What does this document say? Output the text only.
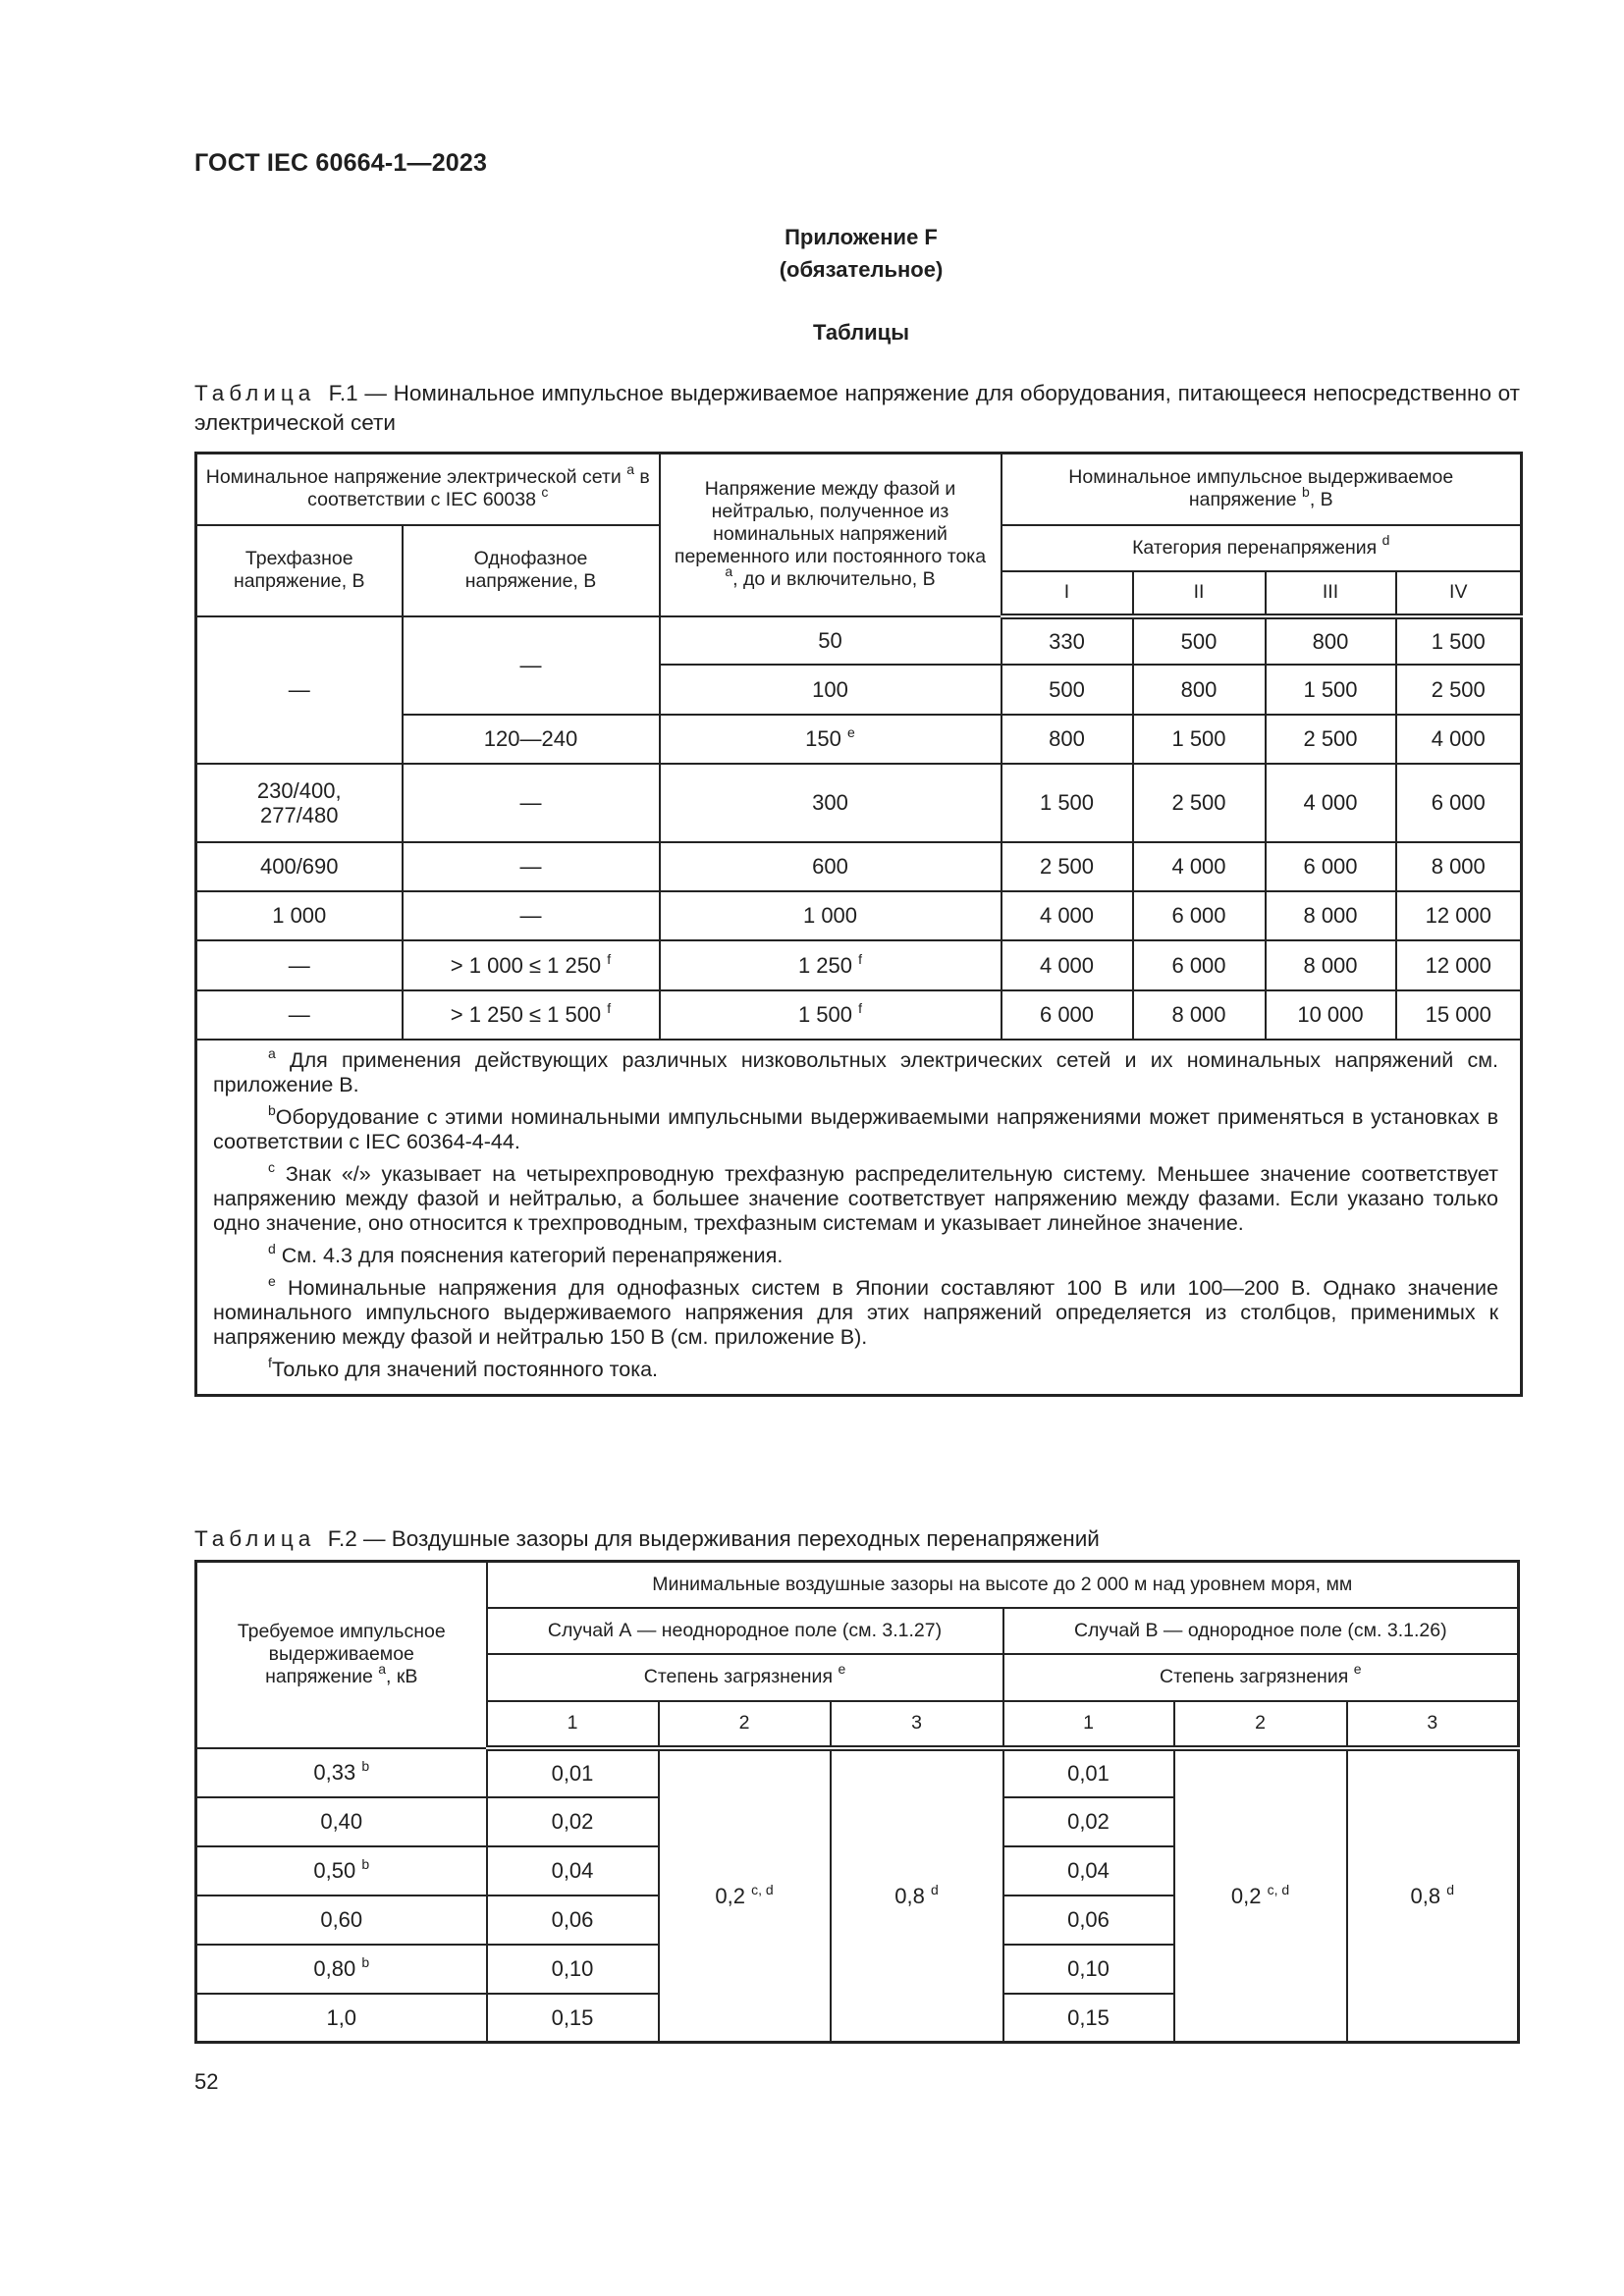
ГОСТ IEC 60664-1—2023
Приложение F
(обязательное)
Таблицы
Таблица F.1 — Номинальное импульсное выдерживаемое напряжение для оборудования, питающееся непосредственно от электрической сети
Номинальное напряжение электрической сети $^a$ в соответствии с IEC 60038 $^c$		Напряжение между фазой и нейтралью, полученное из номинальных напряжений переменного или постоянного тока $^a$, до и включительно, В	Номинальное импульсное выдерживаемое напряжение $^b$, В			
Трехфазное напряжение, В	Однофазное напряжение, В		Категория перенапряжения $^d$
			I	II	III	IV
—	—	50	330	500	800	1 500
		100	500	800	1 500	2 500
	120—240	150 $^e$	800	1 500	2 500	4 000
230/400, 277/480	—	300	1 500	2 500	4 000	6 000
400/690	—	600	2 500	4 000	6 000	8 000
1 000	—	1 000	4 000	6 000	8 000	12 000
—	> 1 000 ≤ 1 250 $^f$	1 250 $^f$	4 000	6 000	8 000	12 000
—	> 1 250 ≤ 1 500 $^f$	1 500 $^f$	6 000	8 000	10 000	15 000

$^a$ Для применения действующих различных низковольтных электрических сетей и их номинальных напряжений см. приложение B.

$^b$Оборудование с этими номинальными импульсными выдерживаемыми напряжениями может применяться в установках в соответствии с IEC 60364-4-44.

$^c$ Знак «/» указывает на четырехпроводную трехфазную распределительную систему. Меньшее значение соответствует напряжению между фазой и нейтралью, а большее значение соответствует напряжению между фазами. Если указано только одно значение, оно относится к трехпроводным, трехфазным системам и указывает линейное значение.

$^d$ См. 4.3 для пояснения категорий перенапряжения.

$^e$ Номинальные напряжения для однофазных систем в Японии составляют 100 В или 100—200 В. Однако значение номинального импульсного выдерживаемого напряжения для этих напряжений определяется из столбцов, применимых к напряжению между фазой и нейтралью 150 В (см. приложение B).

$^f$Только для значений постоянного тока.

Таблица F.2 — Воздушные зазоры для выдерживания переходных перенапряжений
Требуемое импульсное выдерживаемое напряжение $^a$, кВ	Минимальные воздушные зазоры на высоте до 2 000 м над уровнем моря, мм					
	Случай А — неоднородное поле (см. 3.1.27)			Случай В — однородное поле (см. 3.1.26)		
	Степень загрязнения $^e$			Степень загрязнения $^e$
	1	2	3	1	2	3
0,33 $^b$	0,01	0,2 $^{c, d}$	0,8 $^d$	0,01	0,2 $^{c, d}$	0,8 $^d$
0,40	0,02			0,02		
0,50 $^b$	0,04			0,04		
0,60	0,06			0,06		
0,80 $^b$	0,10			0,10		
1,0	0,15			0,15		
52
